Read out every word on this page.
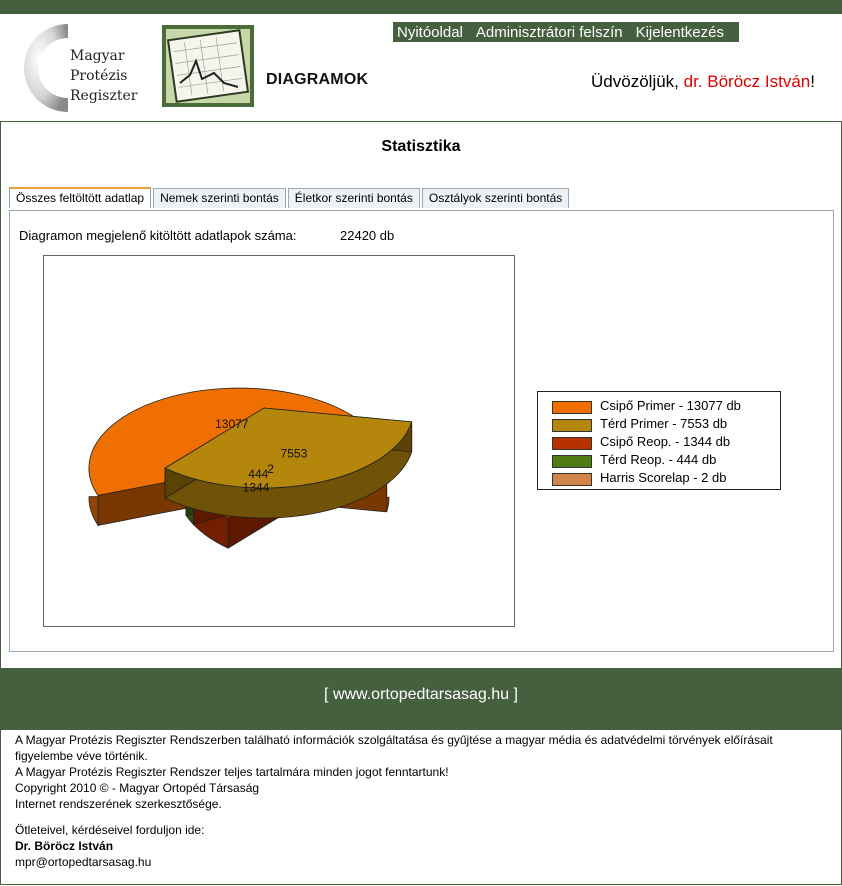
Magyar
Protézis
Regiszter
DIAGRAMOK
Nyitóoldal Adminisztrátori felszín Kijelentkezés
Üdvözöljük, dr. Böröcz István!
Statisztika
Összes feltöltött adatlap	Nemek szerinti bontás	Életkor szerinti bontás	Osztályok szerinti bontás
Diagramon megjelenő kitöltött adatlapok száma:	22420 db
13077
7553
1344
444
2
Csipő Primer - 13077 db
Térd Primer - 7553 db
Csipő Reop. - 1344 db
Térd Reop. - 444 db
Harris Scorelap - 2 db
[ www.ortopedtarsasag.hu ]

A Magyar Protézis Regiszter Rendszerben található információk szolgáltatása és gyűjtése a magyar média és adatvédelmi törvények előírásait figyelembe véve történik.

A Magyar Protézis Regiszter Rendszer teljes tartalmára minden jogot fenntartunk!

Copyright 2010 © - Magyar Ortopéd Társaság

Internet rendszerének szerkesztősége.

Ötleteivel, kérdéseivel forduljon ide:

Dr. Böröcz István

mpr@ortopedtarsasag.hu
